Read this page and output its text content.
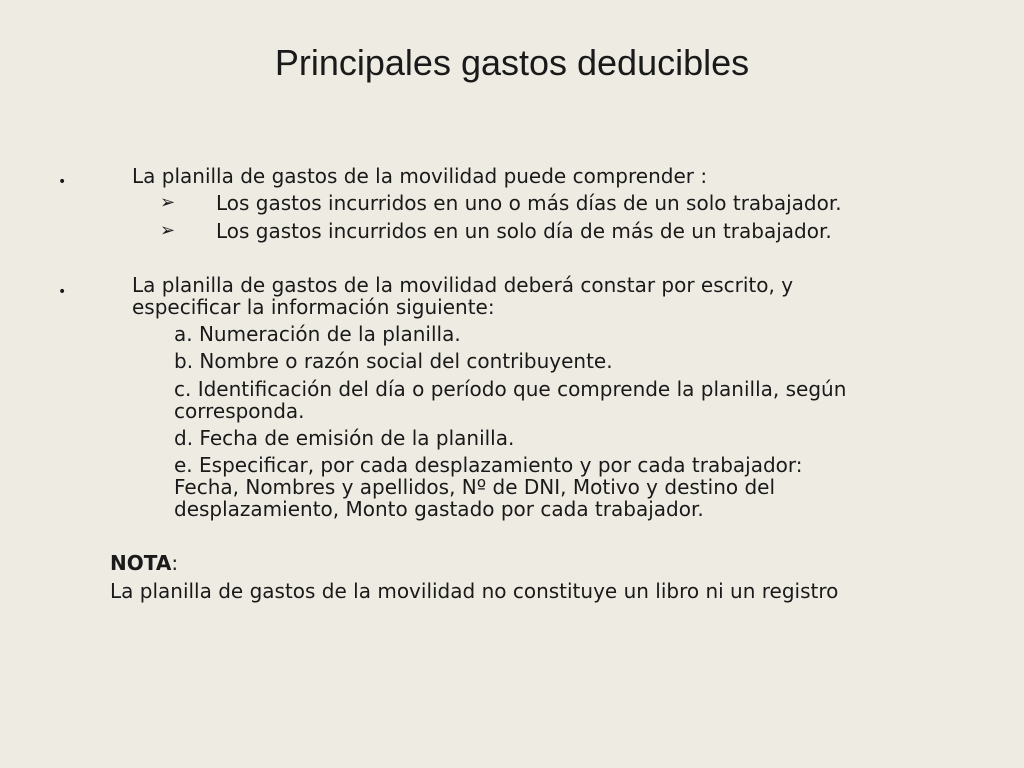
Principales gastos deducibles
•	La planilla de gastos de la movilidad puede comprender :
➢ Los gastos incurridos en uno o más días de un solo trabajador.
➢ Los gastos incurridos en un solo día de más de un trabajador.
•	La planilla de gastos de la movilidad deberá constar por escrito, y
especificar la información siguiente:
a. Numeración de la planilla.
b. Nombre o razón social del contribuyente.
c. Identificación del día o período que comprende la planilla, según
corresponda.
d. Fecha de emisión de la planilla.
e. Especificar, por cada desplazamiento y por cada trabajador:
Fecha, Nombres y apellidos, Nº de DNI, Motivo y destino del
desplazamiento, Monto gastado por cada trabajador.
NOTA:
La planilla de gastos de la movilidad no constituye un libro ni un registro
